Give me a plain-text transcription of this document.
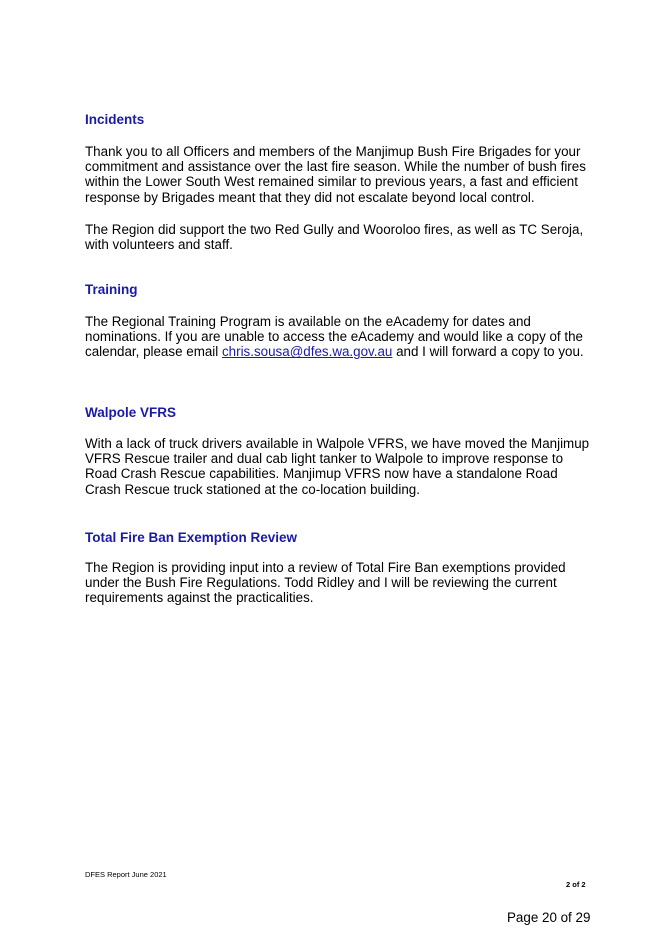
Incidents

Thank you to all Officers and members of the Manjimup Bush Fire Brigades for your commitment and assistance over the last fire season. While the number of bush fires within the Lower South West remained similar to previous years, a fast and efficient response by Brigades meant that they did not escalate beyond local control.

The Region did support the two Red Gully and Wooroloo fires, as well as TC Seroja, with volunteers and staff.

Training

The Regional Training Program is available on the eAcademy for dates and nominations. If you are unable to access the eAcademy and would like a copy of the calendar, please email chris.sousa@dfes.wa.gov.au and I will forward a copy to you.

Walpole VFRS

With a lack of truck drivers available in Walpole VFRS, we have moved the Manjimup VFRS Rescue trailer and dual cab light tanker to Walpole to improve response to Road Crash Rescue capabilities. Manjimup VFRS now have a standalone Road Crash Rescue truck stationed at the co-location building.

Total Fire Ban Exemption Review

The Region is providing input into a review of Total Fire Ban exemptions provided under the Bush Fire Regulations. Todd Ridley and I will be reviewing the current requirements against the practicalities.

DFES Report June 2021
2 of 2
Page 20 of 29
